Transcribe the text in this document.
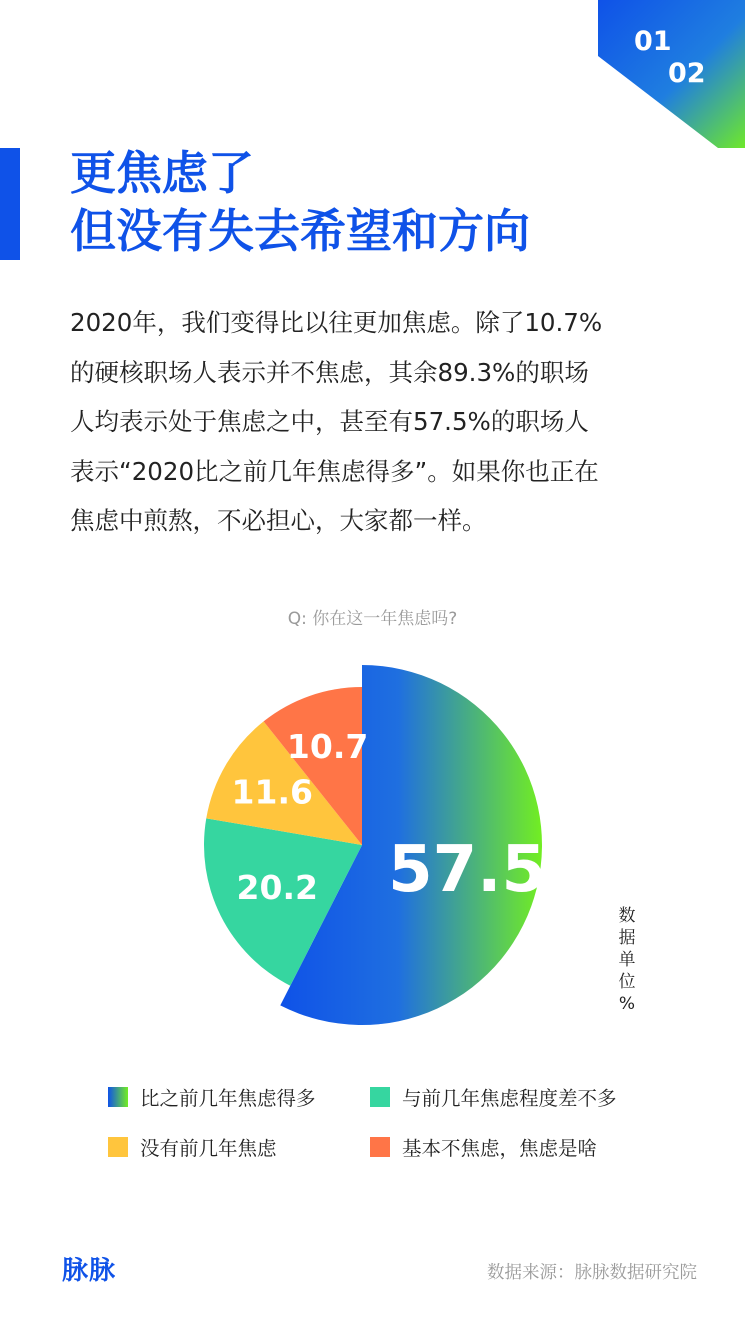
01
02
更焦虑了
但没有失去希望和方向
2020年，我们变得比以往更加焦虑。除了10.7%
的硬核职场人表示并不焦虑，其余89.3%的职场
人均表示处于焦虑之中，甚至有57.5%的职场人
表示“2020比之前几年焦虑得多”。如果你也正在
焦虑中煎熬，不必担心，大家都一样。
Q: 你在这一年焦虑吗?
57.5
20.2
11.6
10.7
数
据
单
位
%
比之前几年焦虑得多	与前几年焦虑程度差不多
没有前几年焦虑	基本不焦虑，焦虑是啥
脉脉	数据来源：脉脉数据研究院
